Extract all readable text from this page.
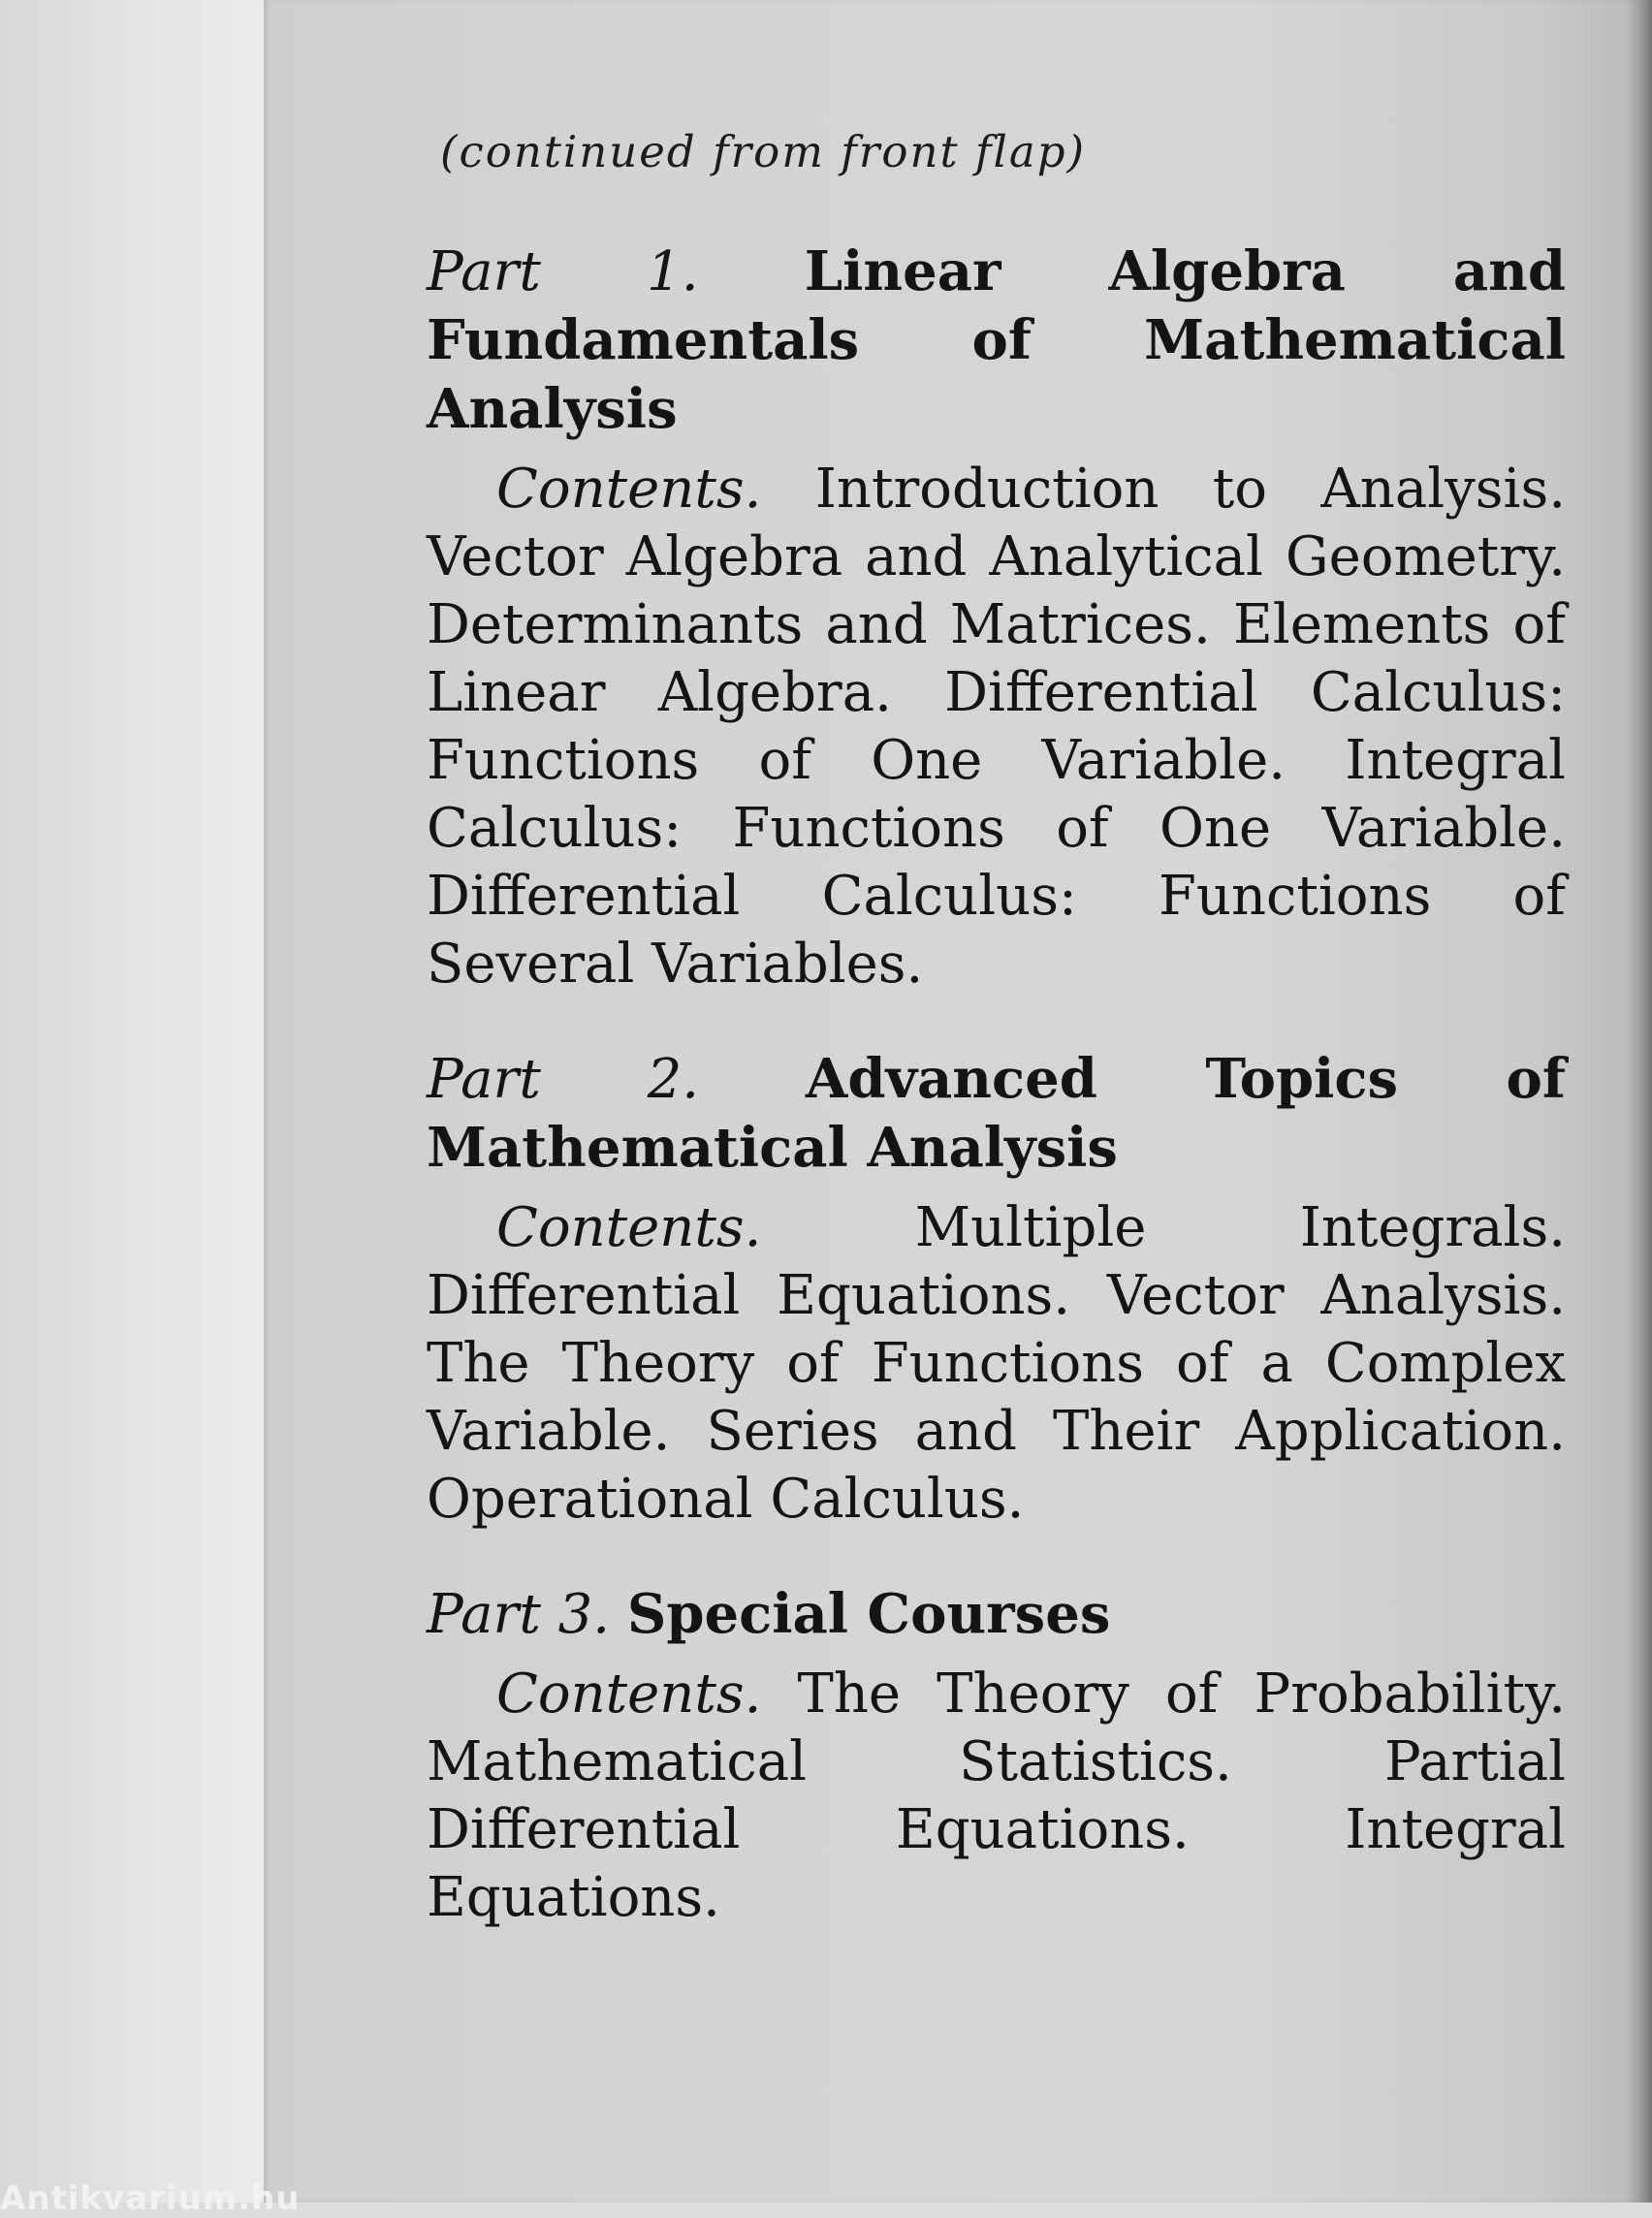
(continued from front flap)

Part 1. Linear Algebra and Fundamentals of Mathematical Analysis

Contents. Introduction to Analysis. Vector Algebra and Analytical Geometry. Determinants and Matrices. Elements of Linear Algebra. Differential Calculus: Functions of One Variable. Integral Calculus: Functions of One Variable. Differential Calculus: Functions of Several Variables.

Part 2. Advanced Topics of Mathematical Analysis

Contents.	Multiple Integrals. Differential Equations. Vector Analysis. The Theory of Functions of a Complex Variable. Series and Their Application. Operational Calculus.

Part 3. Special Courses

Contents. The Theory of Probability. Mathematical Statistics. Partial Differential Equations. Integral Equations.

Antikvarium.hu
